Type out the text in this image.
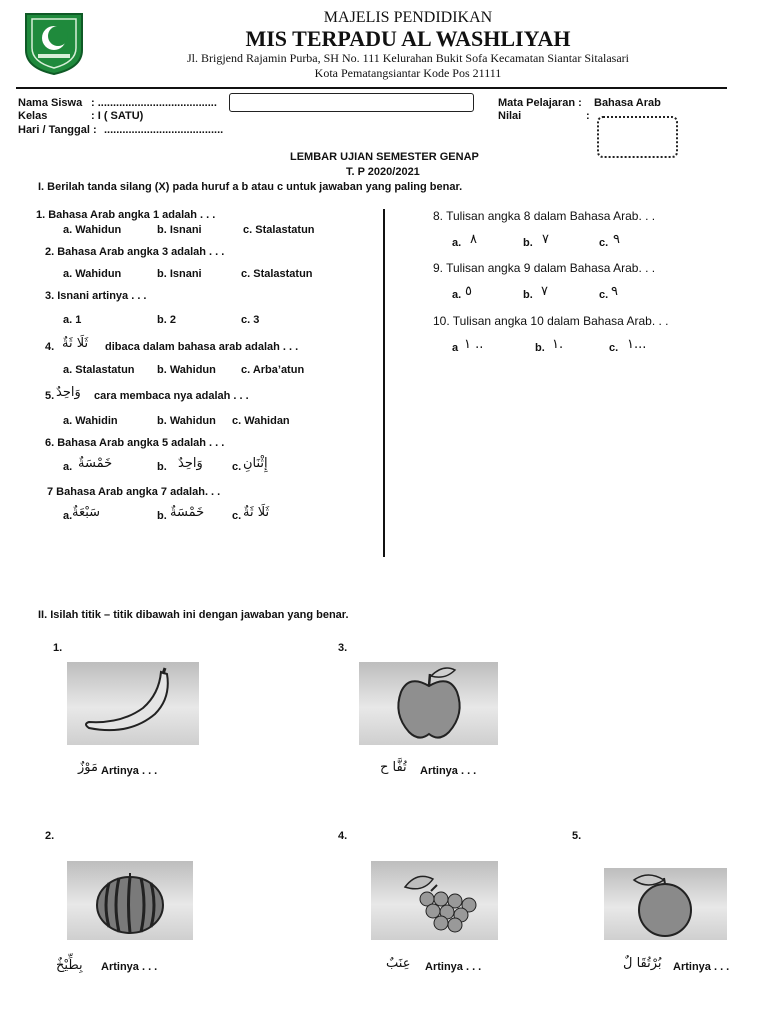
MAJELIS PENDIDIKAN
MIS TERPADU AL WASHLIYAH
Jl. Brigjend Rajamin Purba, SH No. 111 Kelurahan Bukit Sofa Kecamatan Siantar Sitalasari
Kota Pematangsiantar Kode Pos 21111
Nama Siswa : .......................................
Kelas	: I ( SATU)
Hari / Tanggal : .......................................
Mata Pelajaran : Bahasa Arab
Nilai	:
LEMBAR UJIAN SEMESTER GENAP
T. P 2020/2021
I. Berilah tanda silang (X) pada huruf a b atau c untuk jawaban yang paling benar.
1. Bahasa Arab angka 1 adalah . . .
a. Wahidun	b. Isnani	c. Stalastatun
2. Bahasa Arab angka 3 adalah . . .
a. Wahidun	b. Isnani	c. Stalastatun
3. Isnani artinya . . .
a. 1	b. 2	c. 3
4. ثَلَا ثَةٌ dibaca dalam bahasa arab adalah . . .
a. Stalastatun b. Wahidun c. Arba’atun
5. وَاحِدٌ cara membaca nya adalah . . .
a. Wahidin	b. Wahidun c. Wahidan
6. Bahasa Arab angka 5 adalah . . .
a. خَمْسَةٌ	b. وَاحِدٌ	c. إِثْنَانِ
7 Bahasa Arab angka 7 adalah. . .
a. سَبْعَةٌ	b. خَمْسَةٌ	c. ثَلَا ثَةٌ
8. Tulisan angka 8 dalam Bahasa Arab. . .
a. ٨	b. ٧	c. ٩
9. Tulisan angka 9 dalam Bahasa Arab. . .
a. ٥	b. ٧	c. ٩
10. Tulisan angka 10 dalam Bahasa Arab. . .
a ١ ..	b. ١.	c. ١...
II. Isilah titik – titik dibawah ini dengan jawaban yang benar.
1.
مَوْزٌ Artinya . . .
3.
تُفَّا ح Artinya . . .
2.
بِطِّيْخٌ Artinya . . .
4.
عِنَبٌ Artinya . . .
5.
بُرْتُقَا لٌ Artinya . . .
